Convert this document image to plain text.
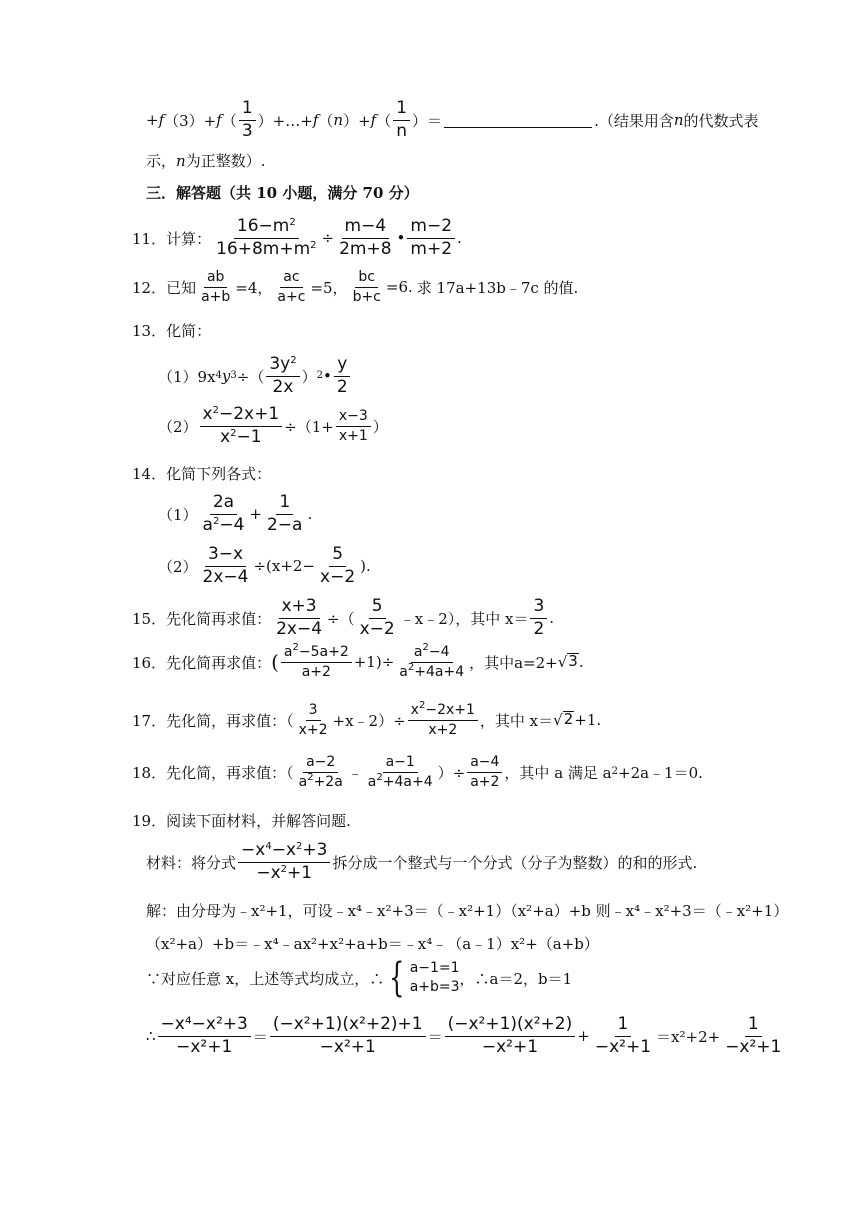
+ f （3）+ f （ $\frac{1}{3}$ ）+…+ f （ n ）+ f （ $\frac{1}{n}$ ）＝	.（结果用含 n 的代数式表
示， n 为正整数）.
三．解答题（共 10 小题，满分 70 分）
11．计算： $\frac{16-m^2}{16+8m+m^2} \div \frac{m-4}{2m+8}$ • $\frac{m-2}{m+2}$ .
12．已知 $\frac{ab}{a+b} =4$， $\frac{ac}{a+c} =5$， $\frac{bc}{b+c} =6$. 求 17a+13b﹣7c 的值.
13．化简：
（1）9x 4 y 3 ÷（ $\frac{3y^2}{2x}$ ） 2 • $\frac{y}{2}$
$(2) \frac{x^2-2x+1}{x^2-1} \div(1+ \frac{x-3}{x+1}$ ）
14．化简下列各式：
$(1) \frac{2a}{a^2-4} + \frac{1}{2-a}$ .
$(2) \frac{3-x}{2x-4} \div(x+2- \frac{5}{x-2}$ ).
15．先化简再求值： $\frac{x+3}{2x-4}$ ÷（ $\frac{5}{x-2}$ ﹣x﹣2），其中 $x= \frac{3}{2}$ .
16．先化简再求值： ( $\frac{a^2-5a+2}{a+2} +1)\div \frac{a^2-4}{a^2+4a+4}$ ，其中a=2+ √ 3 .
17．先化简，再求值：（ $\frac{3}{x+2}$ +x﹣2）÷ $\frac{x^2-2x+1}{x+2}$ ，其中 x＝ √ 2 +1.
18．先化简，再求值：（ $\frac{a-2}{a^2+2a}$ ﹣ $\frac{a-1}{a^2+4a+4}$ ）÷ $\frac{a-4}{a+2}$ ，其中 a 满足 a 2 +2a﹣1＝0.
19．阅读下面材料，并解答问题.
材料：将分式 $\frac{-x^4-x^2+3}{-x^2+1}$ 拆分成一个整式与一个分式（分子为整数）的和的形式.
解：由分母为﹣x²+1，可设﹣x⁴﹣x²+3＝（﹣x²+1）（x²+a）+b 则﹣x⁴﹣x²+3＝（﹣x²+1）
（x²+a）+b＝﹣x⁴﹣ax²+x²+a+b＝﹣x⁴﹣（a﹣1）x²+（a+b）
∵对应任意 x，上述等式均成立，∴ { a−1=1
a+b=3 ，∴a＝2，b＝1
∴ $\frac{\text{−x⁴−x²+3}}{\text{−x²+1}} = \frac{\text{(−x²+1)(x²+2)+1}}{\text{−x²+1}} = \frac{\text{(−x²+1)(x²+2)}}{\text{−x²+1}} + \frac{1}{\text{−x²+1}} =x^2+2+ \frac{1}{\text{−x²+1}}$
